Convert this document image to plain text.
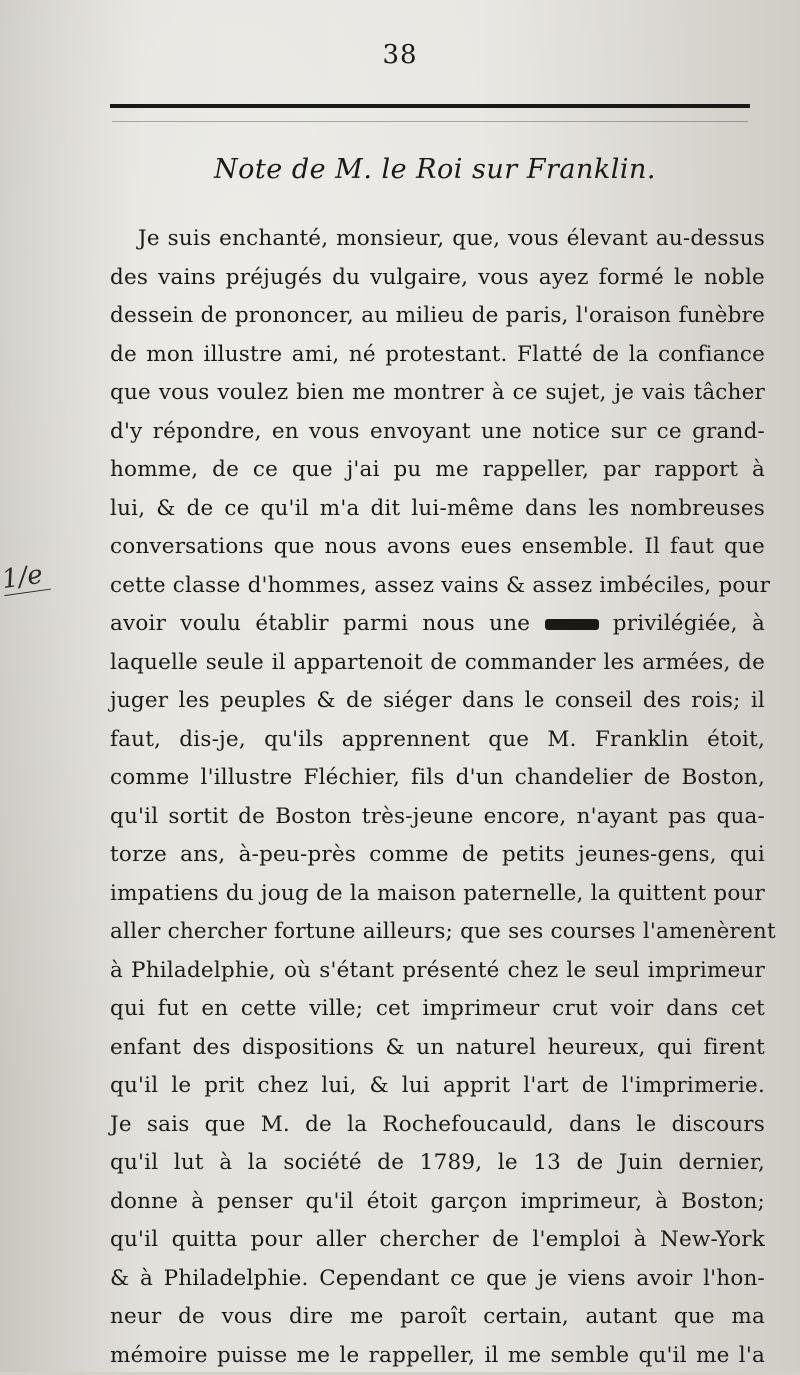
38
Note de M. le Roi sur Franklin.
1/e
Je suis enchanté, monsieur, que, vous élevant au-dessus
des vains préjugés du vulgaire, vous ayez formé le noble
dessein de prononcer, au milieu de paris, l'oraison funèbre
de mon illustre ami, né protestant. Flatté de la confiance
que vous voulez bien me montrer à ce sujet, je vais tâcher
d'y répondre, en vous envoyant une notice sur ce grand-
homme, de ce que j'ai pu me rappeller, par rapport à
lui, & de ce qu'il m'a dit lui-même dans les nombreuses
conversations que nous avons eues ensemble. Il faut que
cette classe d'hommes, assez vains & assez imbéciles, pour
avoir voulu établir parmi nous une	privilégiée, à
laquelle seule il appartenoit de commander les armées, de
juger les peuples & de siéger dans le conseil des rois; il
faut, dis-je, qu'ils apprennent que M. Franklin étoit,
comme l'illustre Fléchier, fils d'un chandelier de Boston,
qu'il sortit de Boston très-jeune encore, n'ayant pas qua-
torze ans, à-peu-près comme de petits jeunes-gens, qui
impatiens du joug de la maison paternelle, la quittent pour
aller chercher fortune ailleurs; que ses courses l'amenèrent
à Philadelphie, où s'étant présenté chez le seul imprimeur
qui fut en cette ville; cet imprimeur crut voir dans cet
enfant des dispositions & un naturel heureux, qui firent
qu'il le prit chez lui, & lui apprit l'art de l'imprimerie.
Je sais que M. de la Rochefoucauld, dans le discours
qu'il lut à la société de 1789, le 13 de Juin dernier,
donne à penser qu'il étoit garçon imprimeur, à Boston;
qu'il quitta pour aller chercher de l'emploi à New-York
& à Philadelphie. Cependant ce que je viens avoir l'hon-
neur de vous dire me paroît certain, autant que ma
mémoire puisse me le rappeller, il me semble qu'il me l'a
